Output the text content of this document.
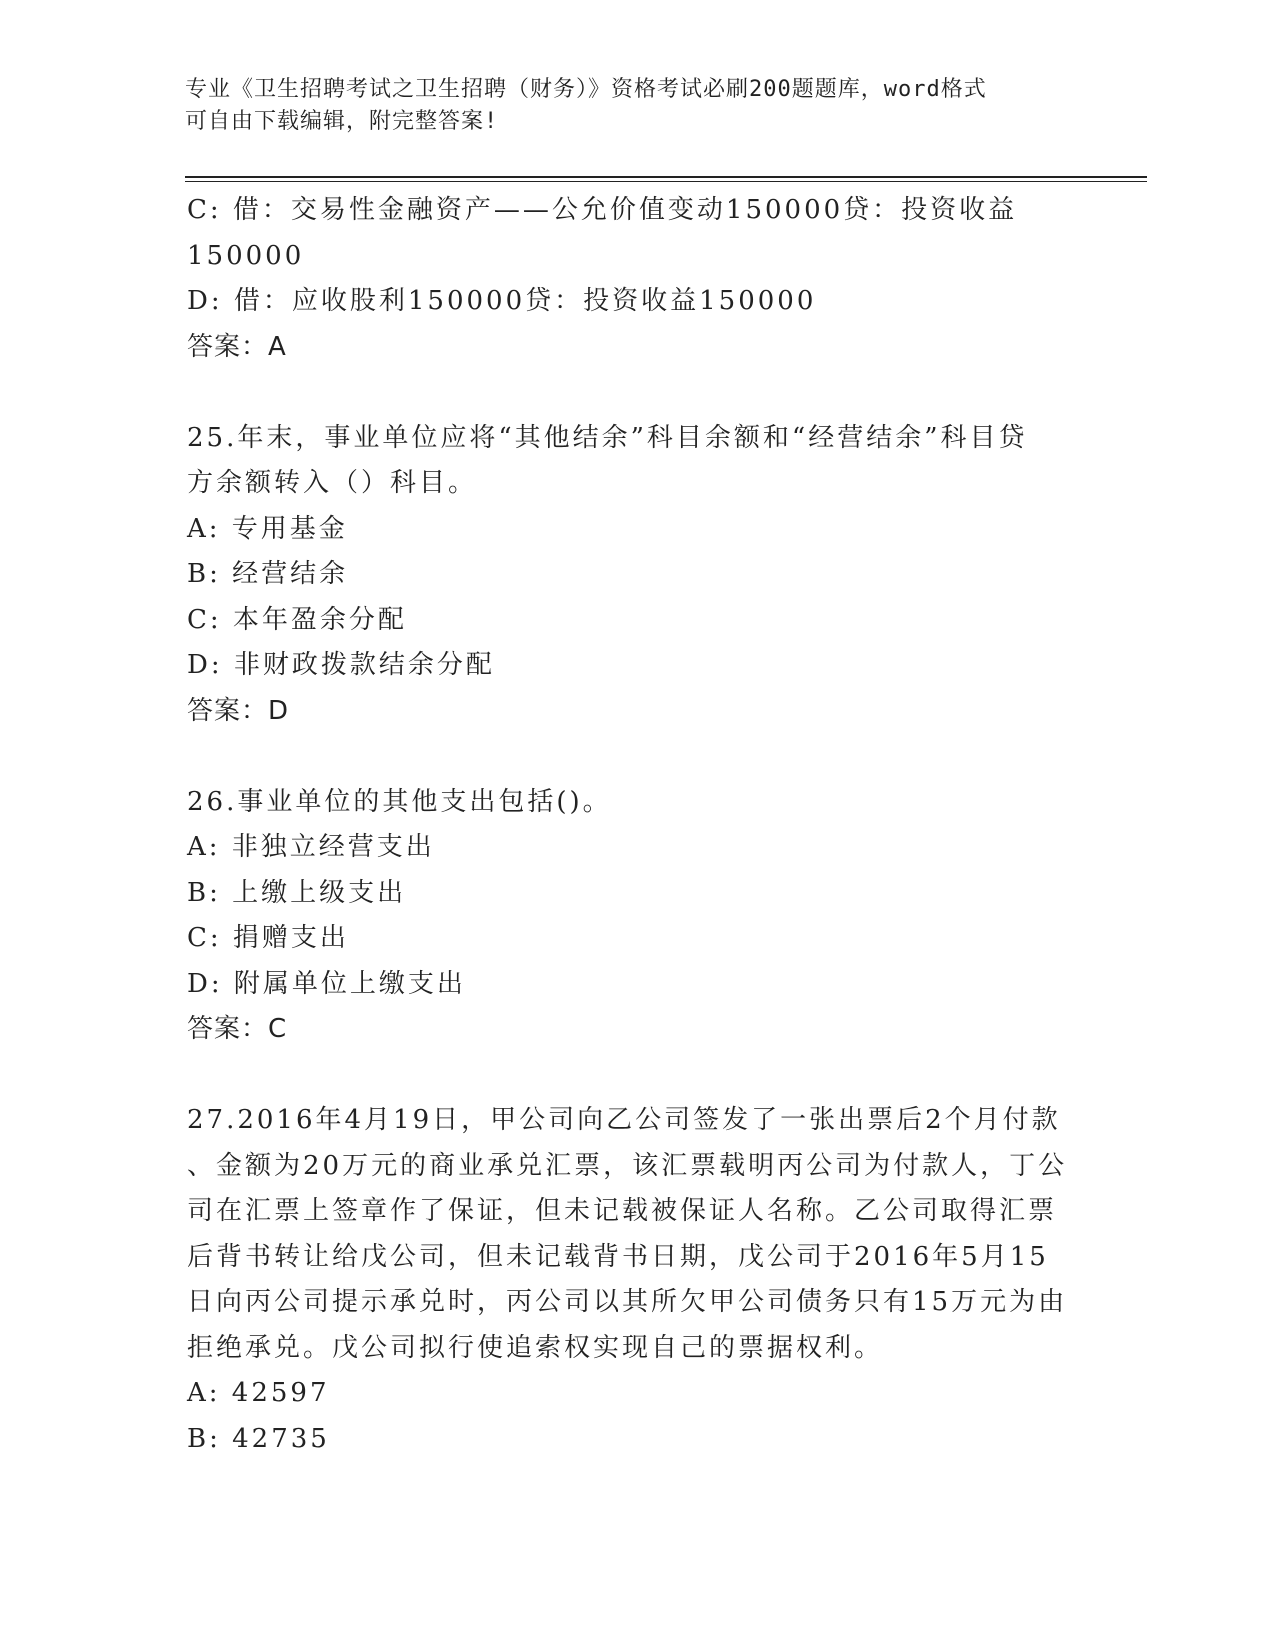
专业《卫生招聘考试之卫生招聘（财务）》资格考试必刷200题题库，word格式
可自由下载编辑，附完整答案!
C: 借：交易性金融资产——公允价值变动150000贷：投资收益
150000
D: 借：应收股利150000贷：投资收益150000
答案：A
25.年末，事业单位应将“其他结余”科目余额和“经营结余”科目贷
方余额转入（）科目。
A: 专用基金
B: 经营结余
C: 本年盈余分配
D: 非财政拨款结余分配
答案：D
26.事业单位的其他支出包括()。
A: 非独立经营支出
B: 上缴上级支出
C: 捐赠支出
D: 附属单位上缴支出
答案：C
27.2016年4月19日，甲公司向乙公司签发了一张出票后2个月付款
、金额为20万元的商业承兑汇票，该汇票载明丙公司为付款人，丁公
司在汇票上签章作了保证，但未记载被保证人名称。乙公司取得汇票
后背书转让给戊公司，但未记载背书日期，戊公司于2016年5月15
日向丙公司提示承兑时，丙公司以其所欠甲公司债务只有15万元为由
拒绝承兑。戊公司拟行使追索权实现自己的票据权利。
A: 42597
B: 42735
